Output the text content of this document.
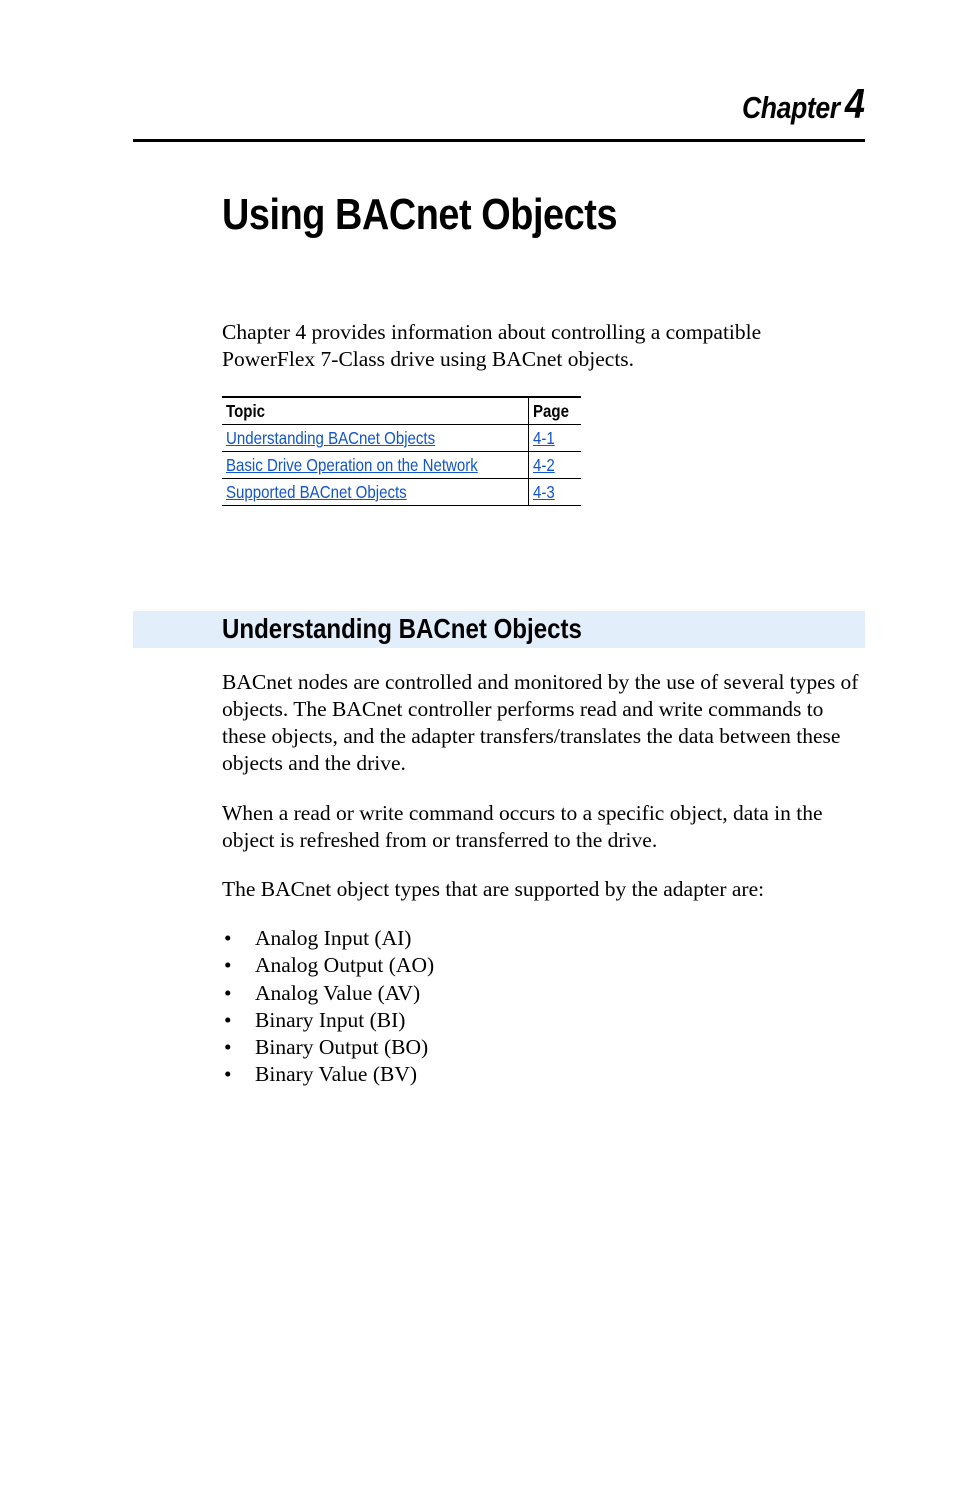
Chapter 4
Using BACnet Objects

Chapter 4 provides information about controlling a compatible PowerFlex 7-Class drive using BACnet objects.

Topic	Page
Understanding BACnet Objects	4-1
Basic Drive Operation on the Network	4-2
Supported BACnet Objects	4-3
Understanding BACnet Objects

BACnet nodes are controlled and monitored by the use of several types of objects. The BACnet controller performs read and write commands to these objects, and the adapter transfers/translates the data between these objects and the drive.

When a read or write command occurs to a specific object, data in the object is refreshed from or transferred to the drive.

The BACnet object types that are supported by the adapter are:

• Analog Input (AI)
• Analog Output (AO)
• Analog Value (AV)
• Binary Input (BI)
• Binary Output (BO)
• Binary Value (BV)
